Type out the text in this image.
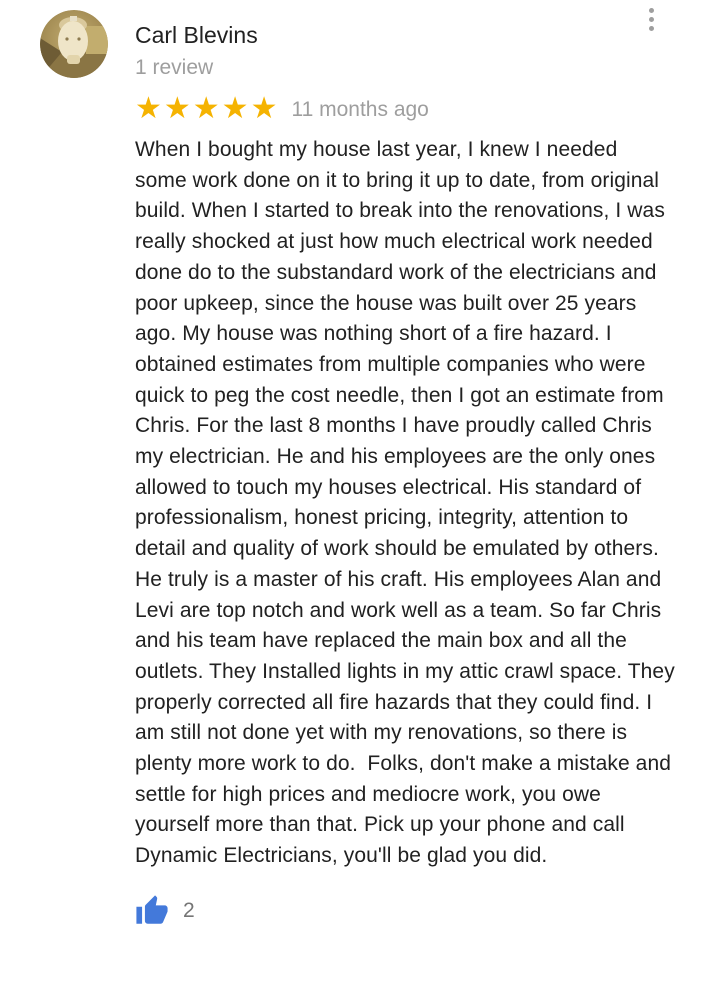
Carl Blevins
1 review
★★★★★ 11 months ago
When I bought my house last year, I knew I needed some work done on it to bring it up to date, from original build. When I started to break into the renovations, I was really shocked at just how much electrical work needed done do to the substandard work of the electricians and poor upkeep, since the house was built over 25 years ago. My house was nothing short of a fire hazard. I obtained estimates from multiple companies who were quick to peg the cost needle, then I got an estimate from Chris. For the last 8 months I have proudly called Chris my electrician. He and his employees are the only ones allowed to touch my houses electrical. His standard of professionalism, honest pricing, integrity, attention to detail and quality of work should be emulated by others. He truly is a master of his craft. His employees Alan and Levi are top notch and work well as a team. So far Chris and his team have replaced the main box and all the outlets. They Installed lights in my attic crawl space. They properly corrected all fire hazards that they could find. I am still not done yet with my renovations, so there is plenty more work to do.  Folks, don't make a mistake and settle for high prices and mediocre work, you owe yourself more than that. Pick up your phone and call Dynamic Electricians, you'll be glad you did.
2
